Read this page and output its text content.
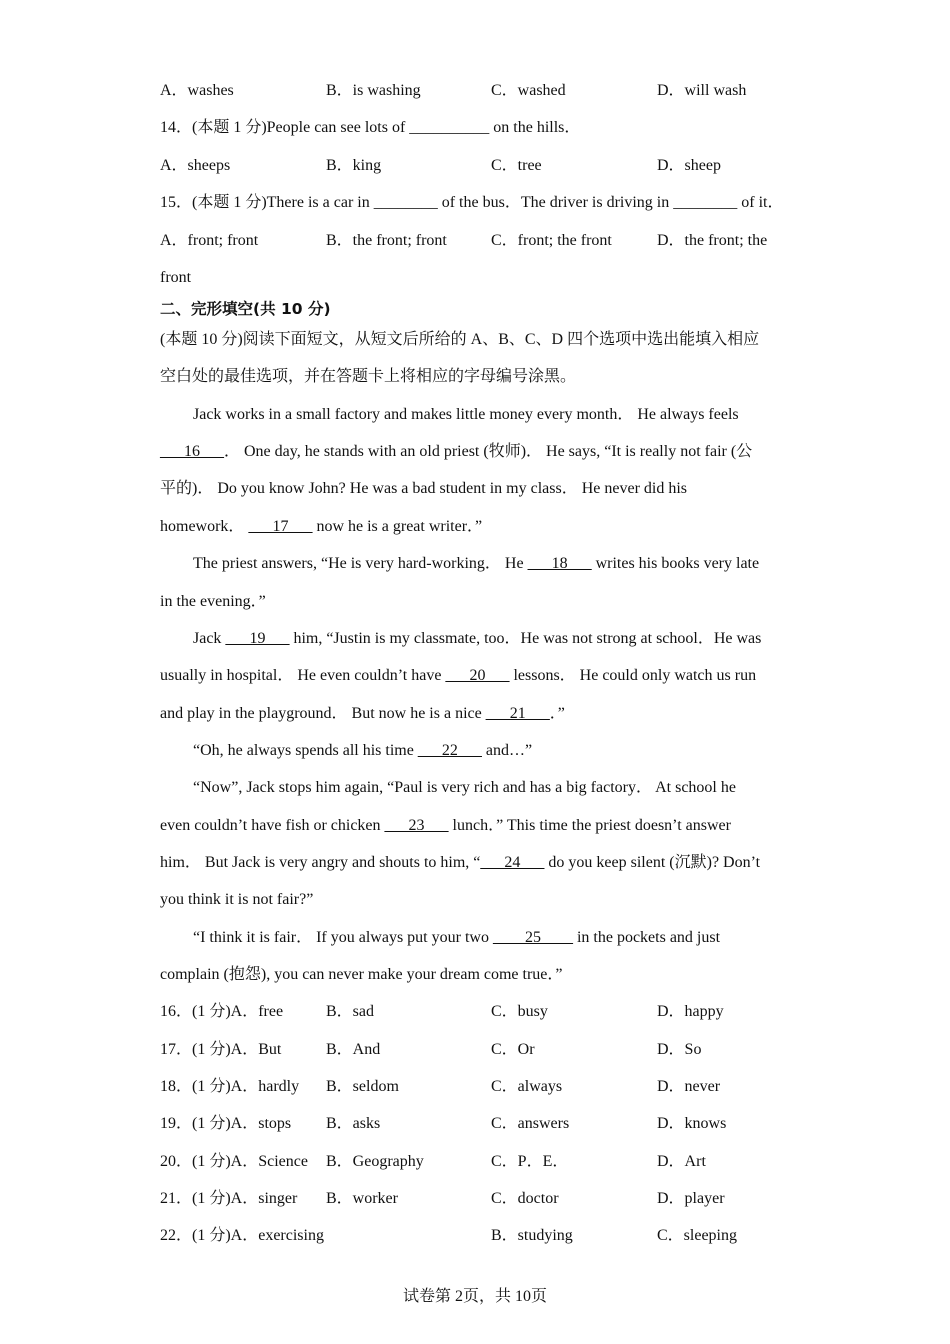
A．washes	B．is washing	C．washed	D．will wash
14．(本题 1 分)People can see lots of __________ on the hills．
A．sheeps	B．king	C．tree	D．sheep
15．(本题 1 分)There is a car in ________ of the bus．The driver is driving in ________ of it．
A．front; front	B．the front; front	C．front; the front	D．the front; the
front
二、完形填空(共 10 分)
(本题 10 分)阅读下面短文，从短文后所给的 A、B、C、D 四个选项中选出能填入相应
空白处的最佳选项，并在答题卡上将相应的字母编号涂黑。
Jack works in a small factory and makes little money every month． He always feels
___16___． One day, he stands with an old priest (牧师)． He says, “It is really not fair (公
平的)． Do you know John? He was a bad student in my class． He never did his
homework． ___17___ now he is a great writer．”
The priest answers, “He is very hard-working． He ___18___ writes his books very late
in the evening．”
Jack ___19___ him, “Justin is my classmate, too．He was not strong at school．He was
usually in hospital． He even couldn’t have ___20___ lessons． He could only watch us run
and play in the playground． But now he is a nice ___21___．”
“Oh, he always spends all his time ___22___ and…”
“Now”, Jack stops him again, “Paul is very rich and has a big factory． At school he
even couldn’t have fish or chicken ___23___ lunch．” This time the priest doesn’t answer
him． But Jack is very angry and shouts to him, “___24___ do you keep silent (沉默)? Don’t
you think it is not fair?”
“I think it is fair． If you always put your two ____25____ in the pockets and just
complain (抱怨), you can never make your dream come true．”
16．(1 分)A．free	B．sad	C．busy	D．happy
17．(1 分)A．But	B．And	C．Or	D．So
18．(1 分)A．hardly B．seldom	C．always	D．never
19．(1 分)A．stops B．asks	C．answers	D．knows
20．(1 分)A．Science B．Geography	C．P．E．	D．Art
21．(1 分)A．singer B．worker	C．doctor	D．player
22．(1 分)A．exercising	B．studying	C．sleeping
试卷第 2页，共 10页
